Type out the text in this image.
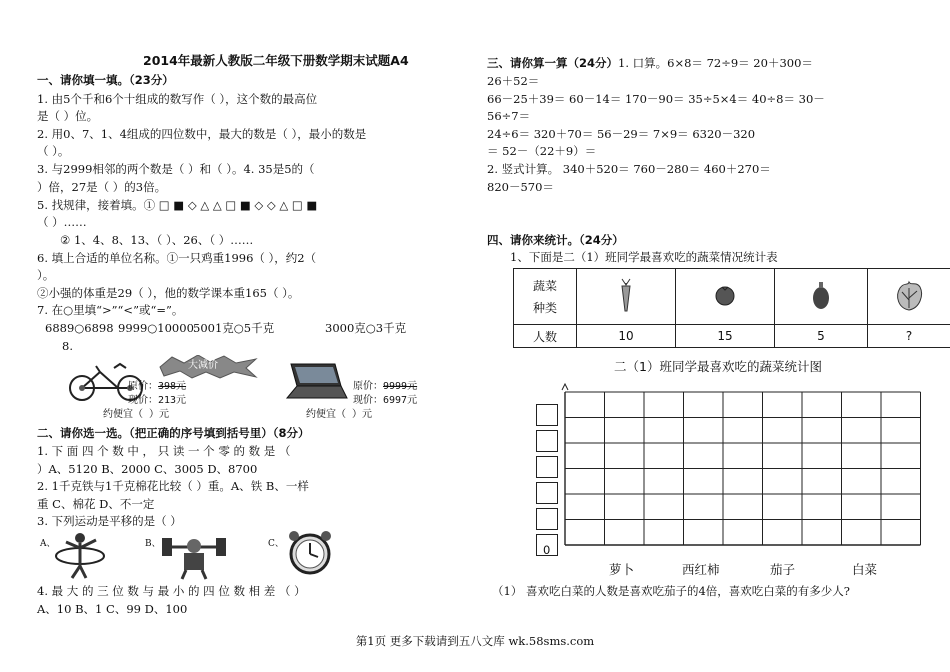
2014年最新人教版二年级下册数学期末试题A4
一、请你填一填。（23分）
1. 由5个千和6个十组成的数写作（ ），这个数的最高位
是（ ）位。
2. 用0、7、1、4组成的四位数中，最大的数是（ ），最小的数是
（ ）。
3. 与2999相邻的两个数是（ ）和（ ）。4. 35是5的（
）倍，27是（ ）的3倍。
5. 找规律，接着填。① □ ■ ◇ △ △ □ ■ ◇ ◇ △ □ ■
（ ）……
② 1、4、8、13、（ ）、26、（ ）……
6. 填上合适的单位名称。①一只鸡重1996（ ），约2（
）。
②小强的体重是29（ ），他的数学课本重165（ ）。
7. 在○里填“>”“<”或“=”。
6889○6898 9999○10000 5001克○5千克	3000克○3千克
8.
大减价
原价：398元
现价：213元
约便宜（ ）元
原价：9999元
现价：6997元
约便宜（ ）元
二、请你选一选。（把正确的序号填到括号里）（8分）
1. 下 面 四 个 数 中 ， 只 读 一 个 零 的 数 是 （
）A、5120 B、2000 C、3005 D、8700
2. 1千克铁与1千克棉花比较（ ）重。A、铁 B、一样
重 C、棉花 D、不一定
3. 下列运动是平移的是（ ）
A、	B、	C、
4. 最 大 的 三 位 数 与 最 小 的 四 位 数 相 差 （ ）
A、10 B、1 C、99 D、100
三、请你算一算（24分）1. 口算。6×8＝ 72÷9＝ 20＋300＝
26＋52＝
66－25＋39＝ 60－14＝ 170－90＝ 35÷5×4＝ 40÷8＝ 30－
56÷7＝
24÷6＝ 320＋70＝ 56－29＝ 7×9＝ 6320－320
＝ 52－（22＋9）＝
2. 竖式计算。 340＋520＝ 760－280＝ 460＋270＝
820－570＝
四、请你来统计。（24分）
1、下面是二（1）班同学最喜欢吃的蔬菜情况统计表
蔬菜
种类

人数	10	15	5	?
二（1）班同学最喜欢吃的蔬菜统计图
0
萝卜	西红柿	茄子	白菜
（1） 喜欢吃白菜的人数是喜欢吃茄子的4倍，喜欢吃白菜的有多少人?
第1页 更多下载请到五八文库 wk.58sms.com
